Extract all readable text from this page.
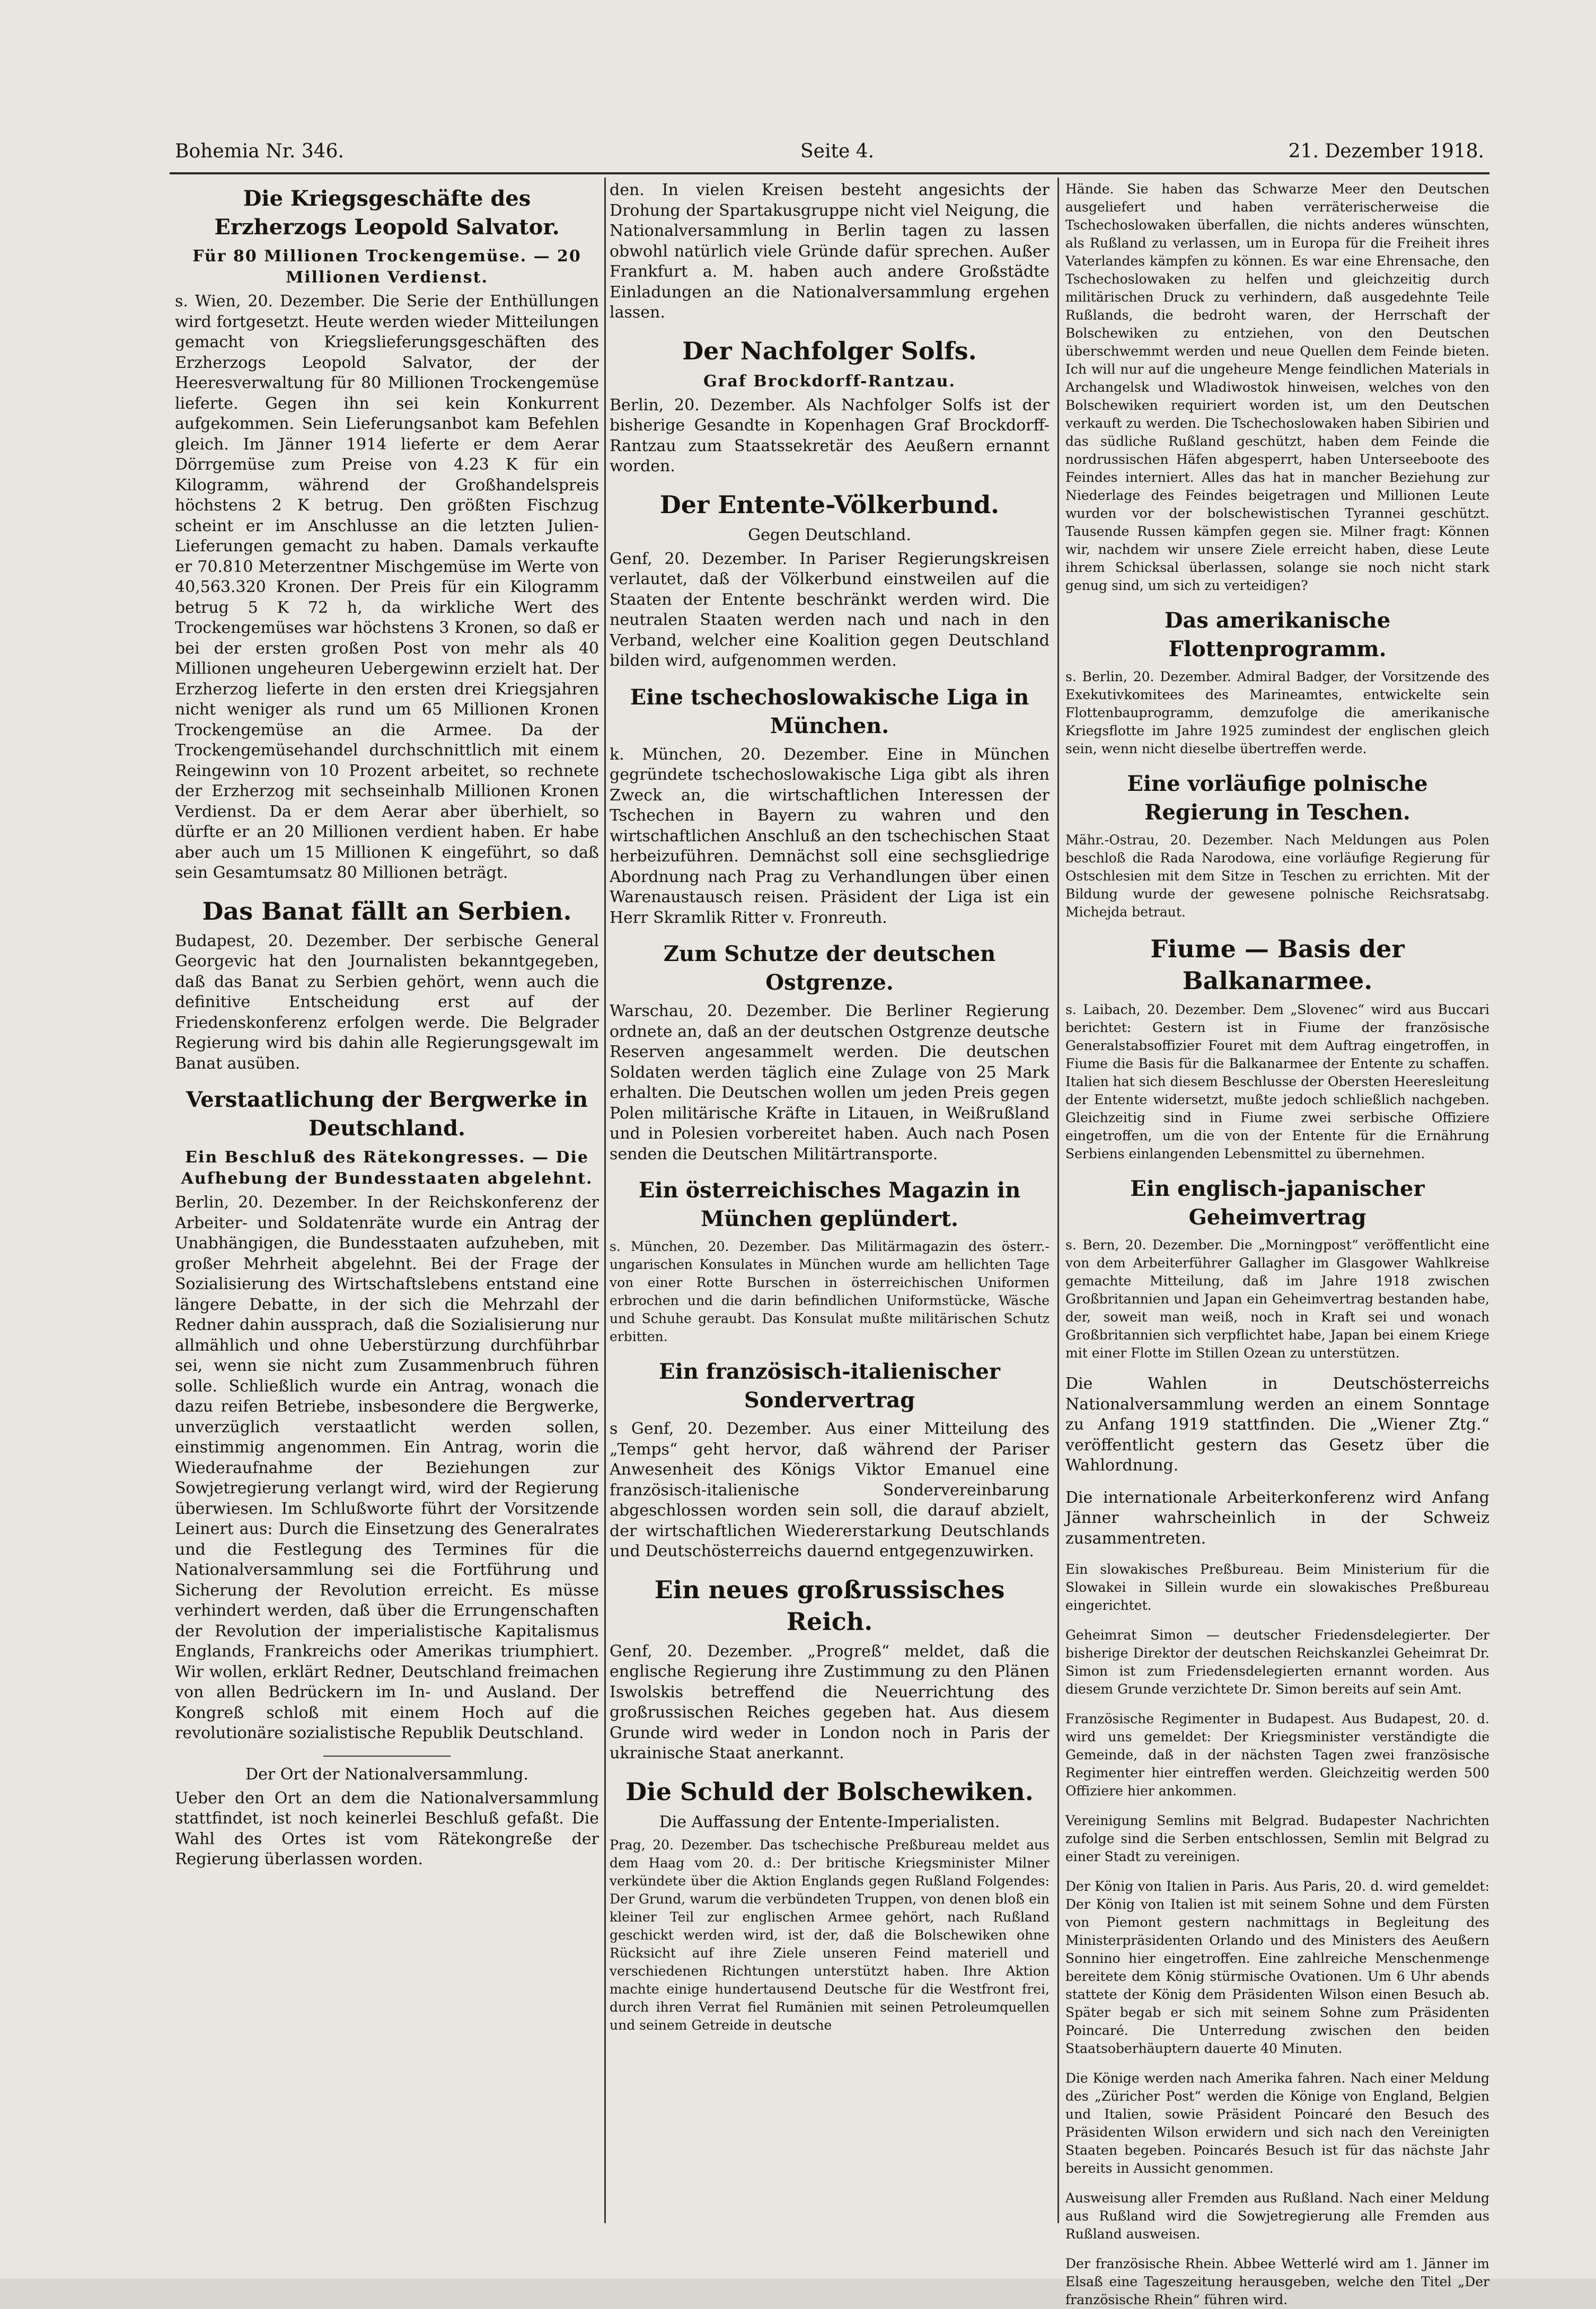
Bohemia Nr. 346.	Seite 4.	21. Dezember 1918.
Die Kriegsgeschäfte des Erzherzogs Leopold Salvator.
Für 80 Millionen Trockengemüse. — 20 Millionen Verdienst.

s. Wien, 20. Dezember. Die Serie der Enthüllungen wird fortgesetzt. Heute werden wieder Mitteilungen gemacht von Kriegslieferungsgeschäften des Erzherzogs Leopold Salvator, der der Heeresverwaltung für 80 Millionen Trockengemüse lieferte. Gegen ihn sei kein Konkurrent aufgekommen. Sein Lieferungsanbot kam Befehlen gleich. Im Jänner 1914 lieferte er dem Aerar Dörrgemüse zum Preise von 4.23 K für ein Kilogramm, während der Großhandelspreis höchstens 2 K betrug. Den größten Fischzug scheint er im Anschlusse an die letzten Julien-Lieferungen gemacht zu haben. Damals verkaufte er 70.810 Meterzentner Mischgemüse im Werte von 40,563.320 Kronen. Der Preis für ein Kilogramm betrug 5 K 72 h, da wirkliche Wert des Trockengemüses war höchstens 3 Kronen, so daß er bei der ersten großen Post von mehr als 40 Millionen ungeheuren Uebergewinn erzielt hat. Der Erzherzog lieferte in den ersten drei Kriegsjahren nicht weniger als rund um 65 Millionen Kronen Trockengemüse an die Armee. Da der Trockengemüsehandel durchschnittlich mit einem Reingewinn von 10 Prozent arbeitet, so rechnete der Erzherzog mit sechseinhalb Millionen Kronen Verdienst. Da er dem Aerar aber überhielt, so dürfte er an 20 Millionen verdient haben. Er habe aber auch um 15 Millionen K eingeführt, so daß sein Gesamtumsatz 80 Millionen beträgt.

Das Banat fällt an Serbien.

Budapest, 20. Dezember. Der serbische General Georgevic hat den Journalisten bekanntgegeben, daß das Banat zu Serbien gehört, wenn auch die definitive Entscheidung erst auf der Friedenskonferenz erfolgen werde. Die Belgrader Regierung wird bis dahin alle Regierungsgewalt im Banat ausüben.

Verstaatlichung der Bergwerke in Deutschland.
Ein Beschluß des Rätekongresses. — Die Aufhebung der Bundesstaaten abgelehnt.

Berlin, 20. Dezember. In der Reichskonferenz der Arbeiter- und Soldatenräte wurde ein Antrag der Unabhängigen, die Bundesstaaten aufzuheben, mit großer Mehrheit abgelehnt. Bei der Frage der Sozialisierung des Wirtschaftslebens entstand eine längere Debatte, in der sich die Mehrzahl der Redner dahin aussprach, daß die Sozialisierung nur allmählich und ohne Ueberstürzung durchführbar sei, wenn sie nicht zum Zusammenbruch führen solle. Schließlich wurde ein Antrag, wonach die dazu reifen Betriebe, insbesondere die Bergwerke, unverzüglich verstaatlicht werden sollen, einstimmig angenommen. Ein Antrag, worin die Wiederaufnahme der Beziehungen zur Sowjetregierung verlangt wird, wird der Regierung überwiesen. Im Schlußworte führt der Vorsitzende Leinert aus: Durch die Einsetzung des Generalrates und die Festlegung des Termines für die Nationalversammlung sei die Fortführung und Sicherung der Revolution erreicht. Es müsse verhindert werden, daß über die Errungenschaften der Revolution der imperialistische Kapitalismus Englands, Frankreichs oder Amerikas triumphiert. Wir wollen, erklärt Redner, Deutschland freimachen von allen Bedrückern im In- und Ausland. Der Kongreß schloß mit einem Hoch auf die revolutionäre sozialistische Republik Deutschland.

Der Ort der Nationalversammlung.

Ueber den Ort an dem die Nationalversammlung stattfindet, ist noch keinerlei Beschluß gefaßt. Die Wahl des Ortes ist vom Rätekongreße der Regierung überlassen worden.

den. In vielen Kreisen besteht angesichts der Drohung der Spartakusgruppe nicht viel Neigung, die Nationalversammlung in Berlin tagen zu lassen obwohl natürlich viele Gründe dafür sprechen. Außer Frankfurt a. M. haben auch andere Großstädte Einladungen an die Nationalversammlung ergehen lassen.

Der Nachfolger Solfs.
Graf Brockdorff-Rantzau.

Berlin, 20. Dezember. Als Nachfolger Solfs ist der bisherige Gesandte in Kopenhagen Graf Brockdorff-Rantzau zum Staatssekretär des Aeußern ernannt worden.

Der Entente-Völkerbund.
Gegen Deutschland.

Genf, 20. Dezember. In Pariser Regierungskreisen verlautet, daß der Völkerbund einstweilen auf die Staaten der Entente beschränkt werden wird. Die neutralen Staaten werden nach und nach in den Verband, welcher eine Koalition gegen Deutschland bilden wird, aufgenommen werden.

Eine tschechoslowakische Liga in München.

k. München, 20. Dezember. Eine in München gegründete tschechoslowakische Liga gibt als ihren Zweck an, die wirtschaftlichen Interessen der Tschechen in Bayern zu wahren und den wirtschaftlichen Anschluß an den tschechischen Staat herbeizuführen. Demnächst soll eine sechsgliedrige Abordnung nach Prag zu Verhandlungen über einen Warenaustausch reisen. Präsident der Liga ist ein Herr Skramlik Ritter v. Fronreuth.

Zum Schutze der deutschen Ostgrenze.

Warschau, 20. Dezember. Die Berliner Regierung ordnete an, daß an der deutschen Ostgrenze deutsche Reserven angesammelt werden. Die deutschen Soldaten werden täglich eine Zulage von 25 Mark erhalten. Die Deutschen wollen um jeden Preis gegen Polen militärische Kräfte in Litauen, in Weißrußland und in Polesien vorbereitet haben. Auch nach Posen senden die Deutschen Militärtransporte.

Ein österreichisches Magazin in München geplündert.

s. München, 20. Dezember. Das Militärmagazin des österr.-ungarischen Konsulates in München wurde am hellichten Tage von einer Rotte Burschen in österreichischen Uniformen erbrochen und die darin befindlichen Uniformstücke, Wäsche und Schuhe geraubt. Das Konsulat mußte militärischen Schutz erbitten.

Ein französisch-italienischer Sondervertrag

s Genf, 20. Dezember. Aus einer Mitteilung des „Temps“ geht hervor, daß während der Pariser Anwesenheit des Königs Viktor Emanuel eine französisch-italienische Sondervereinbarung abgeschlossen worden sein soll, die darauf abzielt, der wirtschaftlichen Wiedererstarkung Deutschlands und Deutschösterreichs dauernd entgegenzuwirken.

Ein neues großrussisches Reich.

Genf, 20. Dezember. „Progreß“ meldet, daß die englische Regierung ihre Zustimmung zu den Plänen Iswolskis betreffend die Neuerrichtung des großrussischen Reiches gegeben hat. Aus diesem Grunde wird weder in London noch in Paris der ukrainische Staat anerkannt.

Die Schuld der Bolschewiken.
Die Auffassung der Entente-Imperialisten.

Prag, 20. Dezember. Das tschechische Preßbureau meldet aus dem Haag vom 20. d.: Der britische Kriegsminister Milner verkündete über die Aktion Englands gegen Rußland Folgendes: Der Grund, warum die verbündeten Truppen, von denen bloß ein kleiner Teil zur englischen Armee gehört, nach Rußland geschickt werden wird, ist der, daß die Bolschewiken ohne Rücksicht auf ihre Ziele unseren Feind materiell und verschiedenen Richtungen unterstützt haben. Ihre Aktion machte einige hundertausend Deutsche für die Westfront frei, durch ihren Verrat fiel Rumänien mit seinen Petroleumquellen und seinem Getreide in deutsche

Hände. Sie haben das Schwarze Meer den Deutschen ausgeliefert und haben verräterischerweise die Tschechoslowaken überfallen, die nichts anderes wünschten, als Rußland zu verlassen, um in Europa für die Freiheit ihres Vaterlandes kämpfen zu können. Es war eine Ehrensache, den Tschechoslowaken zu helfen und gleichzeitig durch militärischen Druck zu verhindern, daß ausgedehnte Teile Rußlands, die bedroht waren, der Herrschaft der Bolschewiken zu entziehen, von den Deutschen überschwemmt werden und neue Quellen dem Feinde bieten. Ich will nur auf die ungeheure Menge feindlichen Materials in Archangelsk und Wladiwostok hinweisen, welches von den Bolschewiken requiriert worden ist, um den Deutschen verkauft zu werden. Die Tschechoslowaken haben Sibirien und das südliche Rußland geschützt, haben dem Feinde die nordrussischen Häfen abgesperrt, haben Unterseeboote des Feindes interniert. Alles das hat in mancher Beziehung zur Niederlage des Feindes beigetragen und Millionen Leute wurden vor der bolschewistischen Tyrannei geschützt. Tausende Russen kämpfen gegen sie. Milner fragt: Können wir, nachdem wir unsere Ziele erreicht haben, diese Leute ihrem Schicksal überlassen, solange sie noch nicht stark genug sind, um sich zu verteidigen?

Das amerikanische Flottenprogramm.

s. Berlin, 20. Dezember. Admiral Badger, der Vorsitzende des Exekutivkomitees des Marineamtes, entwickelte sein Flottenbauprogramm, demzufolge die amerikanische Kriegsflotte im Jahre 1925 zumindest der englischen gleich sein, wenn nicht dieselbe übertreffen werde.

Eine vorläufige polnische Regierung in Teschen.

Mähr.-Ostrau, 20. Dezember. Nach Meldungen aus Polen beschloß die Rada Narodowa, eine vorläufige Regierung für Ostschlesien mit dem Sitze in Teschen zu errichten. Mit der Bildung wurde der gewesene polnische Reichsratsabg. Michejda betraut.

Fiume — Basis der Balkanarmee.

s. Laibach, 20. Dezember. Dem „Slovenec“ wird aus Buccari berichtet: Gestern ist in Fiume der französische Generalstabsoffizier Fouret mit dem Auftrag eingetroffen, in Fiume die Basis für die Balkanarmee der Entente zu schaffen. Italien hat sich diesem Beschlusse der Obersten Heeresleitung der Entente widersetzt, mußte jedoch schließlich nachgeben. Gleichzeitig sind in Fiume zwei serbische Offiziere eingetroffen, um die von der Entente für die Ernährung Serbiens einlangenden Lebensmittel zu übernehmen.

Ein englisch-japanischer Geheimvertrag

s. Bern, 20. Dezember. Die „Morningpost“ veröffentlicht eine von dem Arbeiterführer Gallagher im Glasgower Wahlkreise gemachte Mitteilung, daß im Jahre 1918 zwischen Großbritannien und Japan ein Geheimvertrag bestanden habe, der, soweit man weiß, noch in Kraft sei und wonach Großbritannien sich verpflichtet habe, Japan bei einem Kriege mit einer Flotte im Stillen Ozean zu unterstützen.

Die Wahlen in Deutschösterreichs Nationalversammlung werden an einem Sonntage zu Anfang 1919 stattfinden. Die „Wiener Ztg.“ veröffentlicht gestern das Gesetz über die Wahlordnung.

Die internationale Arbeiterkonferenz wird Anfang Jänner wahrscheinlich in der Schweiz zusammentreten.

Ein slowakisches Preßbureau. Beim Ministerium für die Slowakei in Sillein wurde ein slowakisches Preßbureau eingerichtet.

Geheimrat Simon — deutscher Friedensdelegierter. Der bisherige Direktor der deutschen Reichskanzlei Geheimrat Dr. Simon ist zum Friedensdelegierten ernannt worden. Aus diesem Grunde verzichtete Dr. Simon bereits auf sein Amt.

Französische Regimenter in Budapest. Aus Budapest, 20. d. wird uns gemeldet: Der Kriegsminister verständigte die Gemeinde, daß in der nächsten Tagen zwei französische Regimenter hier eintreffen werden. Gleichzeitig werden 500 Offiziere hier ankommen.

Vereinigung Semlins mit Belgrad. Budapester Nachrichten zufolge sind die Serben entschlossen, Semlin mit Belgrad zu einer Stadt zu vereinigen.

Der König von Italien in Paris. Aus Paris, 20. d. wird gemeldet: Der König von Italien ist mit seinem Sohne und dem Fürsten von Piemont gestern nachmittags in Begleitung des Ministerpräsidenten Orlando und des Ministers des Aeußern Sonnino hier eingetroffen. Eine zahlreiche Menschenmenge bereitete dem König stürmische Ovationen. Um 6 Uhr abends stattete der König dem Präsidenten Wilson einen Besuch ab. Später begab er sich mit seinem Sohne zum Präsidenten Poincaré. Die Unterredung zwischen den beiden Staatsoberhäuptern dauerte 40 Minuten.

Die Könige werden nach Amerika fahren. Nach einer Meldung des „Züricher Post“ werden die Könige von England, Belgien und Italien, sowie Präsident Poincaré den Besuch des Präsidenten Wilson erwidern und sich nach den Vereinigten Staaten begeben. Poincarés Besuch ist für das nächste Jahr bereits in Aussicht genommen.

Ausweisung aller Fremden aus Rußland. Nach einer Meldung aus Rußland wird die Sowjetregierung alle Fremden aus Rußland ausweisen.

Der französische Rhein. Abbee Wetterlé wird am 1. Jänner im Elsaß eine Tageszeitung herausgeben, welche den Titel „Der französische Rhein“ führen wird.
